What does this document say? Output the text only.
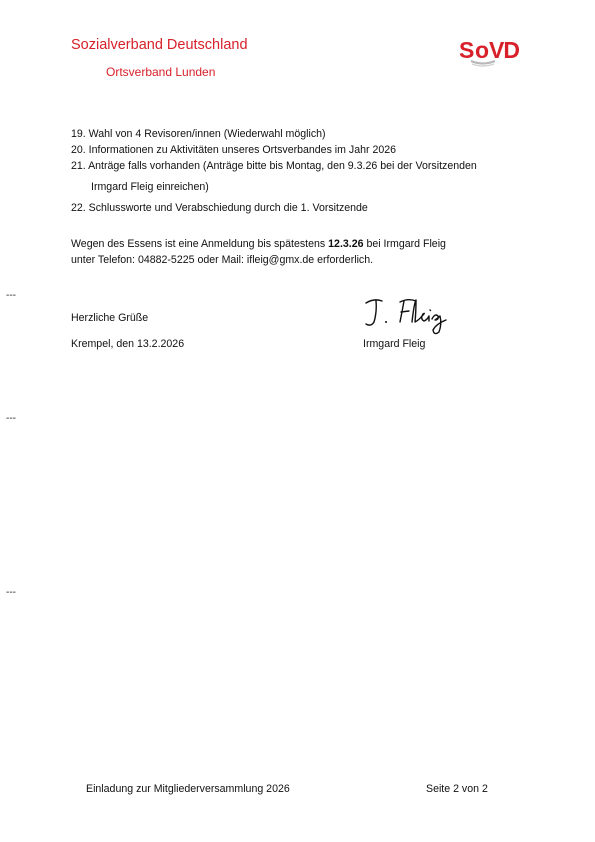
Sozialverband Deutschland
Ortsverband Lunden
S o VD
19. Wahl von 4 Revisoren/innen (Wiederwahl möglich)
20. Informationen zu Aktivitäten unseres Ortsverbandes im Jahr 2026
21. Anträge falls vorhanden (Anträge bitte bis Montag, den 9.3.26 bei der Vorsitzenden
Irmgard Fleig einreichen)
22. Schlussworte und Verabschiedung durch die 1. Vorsitzende
Wegen des Essens ist eine Anmeldung bis spätestens 12.3.26 bei Irmgard Fleig
unter Telefon: 04882-5225 oder Mail: ifleig@gmx.de erforderlich.
---
---
---
Herzliche Grüße
Krempel, den 13.2.2026	Irmgard Fleig
Einladung zur Mitgliederversammlung 2026	Seite 2 von 2
